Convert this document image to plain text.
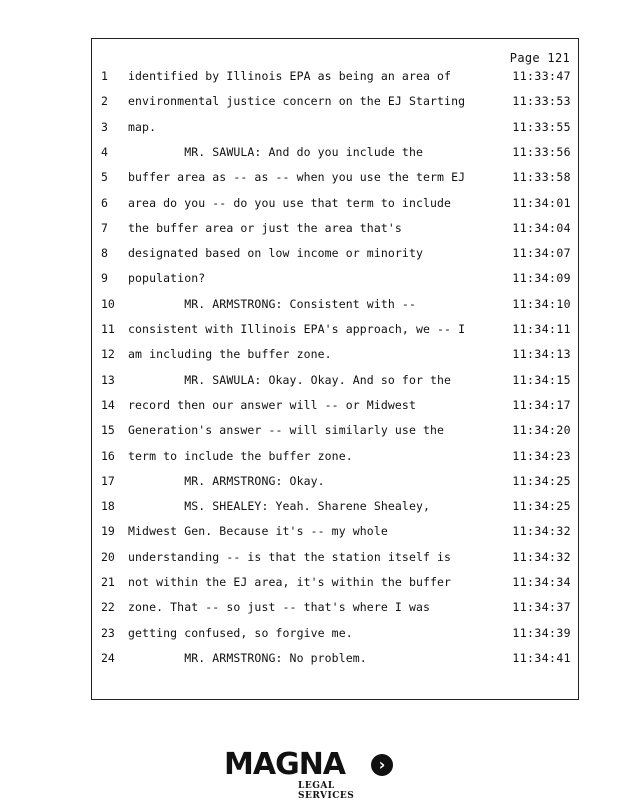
Page 121
1	identified by Illinois EPA as being an area of	11:33:47
2	environmental justice concern on the EJ Starting	11:33:53
3	map.	11:33:55
4	MR. SAWULA: And do you include the	11:33:56
5	buffer area as -- as -- when you use the term EJ	11:33:58
6	area do you -- do you use that term to include	11:34:01
7	the buffer area or just the area that's	11:34:04
8	designated based on low income or minority	11:34:07
9	population?	11:34:09
10	MR. ARMSTRONG: Consistent with --	11:34:10
11	consistent with Illinois EPA's approach, we -- I	11:34:11
12	am including the buffer zone.	11:34:13
13	MR. SAWULA: Okay. Okay. And so for the	11:34:15
14	record then our answer will -- or Midwest	11:34:17
15	Generation's answer -- will similarly use the	11:34:20
16	term to include the buffer zone.	11:34:23
17	MR. ARMSTRONG: Okay.	11:34:25
18	MS. SHEALEY: Yeah. Sharene Shealey,	11:34:25
19	Midwest Gen. Because it's -- my whole	11:34:32
20	understanding -- is that the station itself is	11:34:32
21	not within the EJ area, it's within the buffer	11:34:34
22	zone. That -- so just -- that's where I was	11:34:37
23	getting confused, so forgive me.	11:34:39
24	MR. ARMSTRONG: No problem.	11:34:41
MAGNA	›
LEGAL SERVICES
